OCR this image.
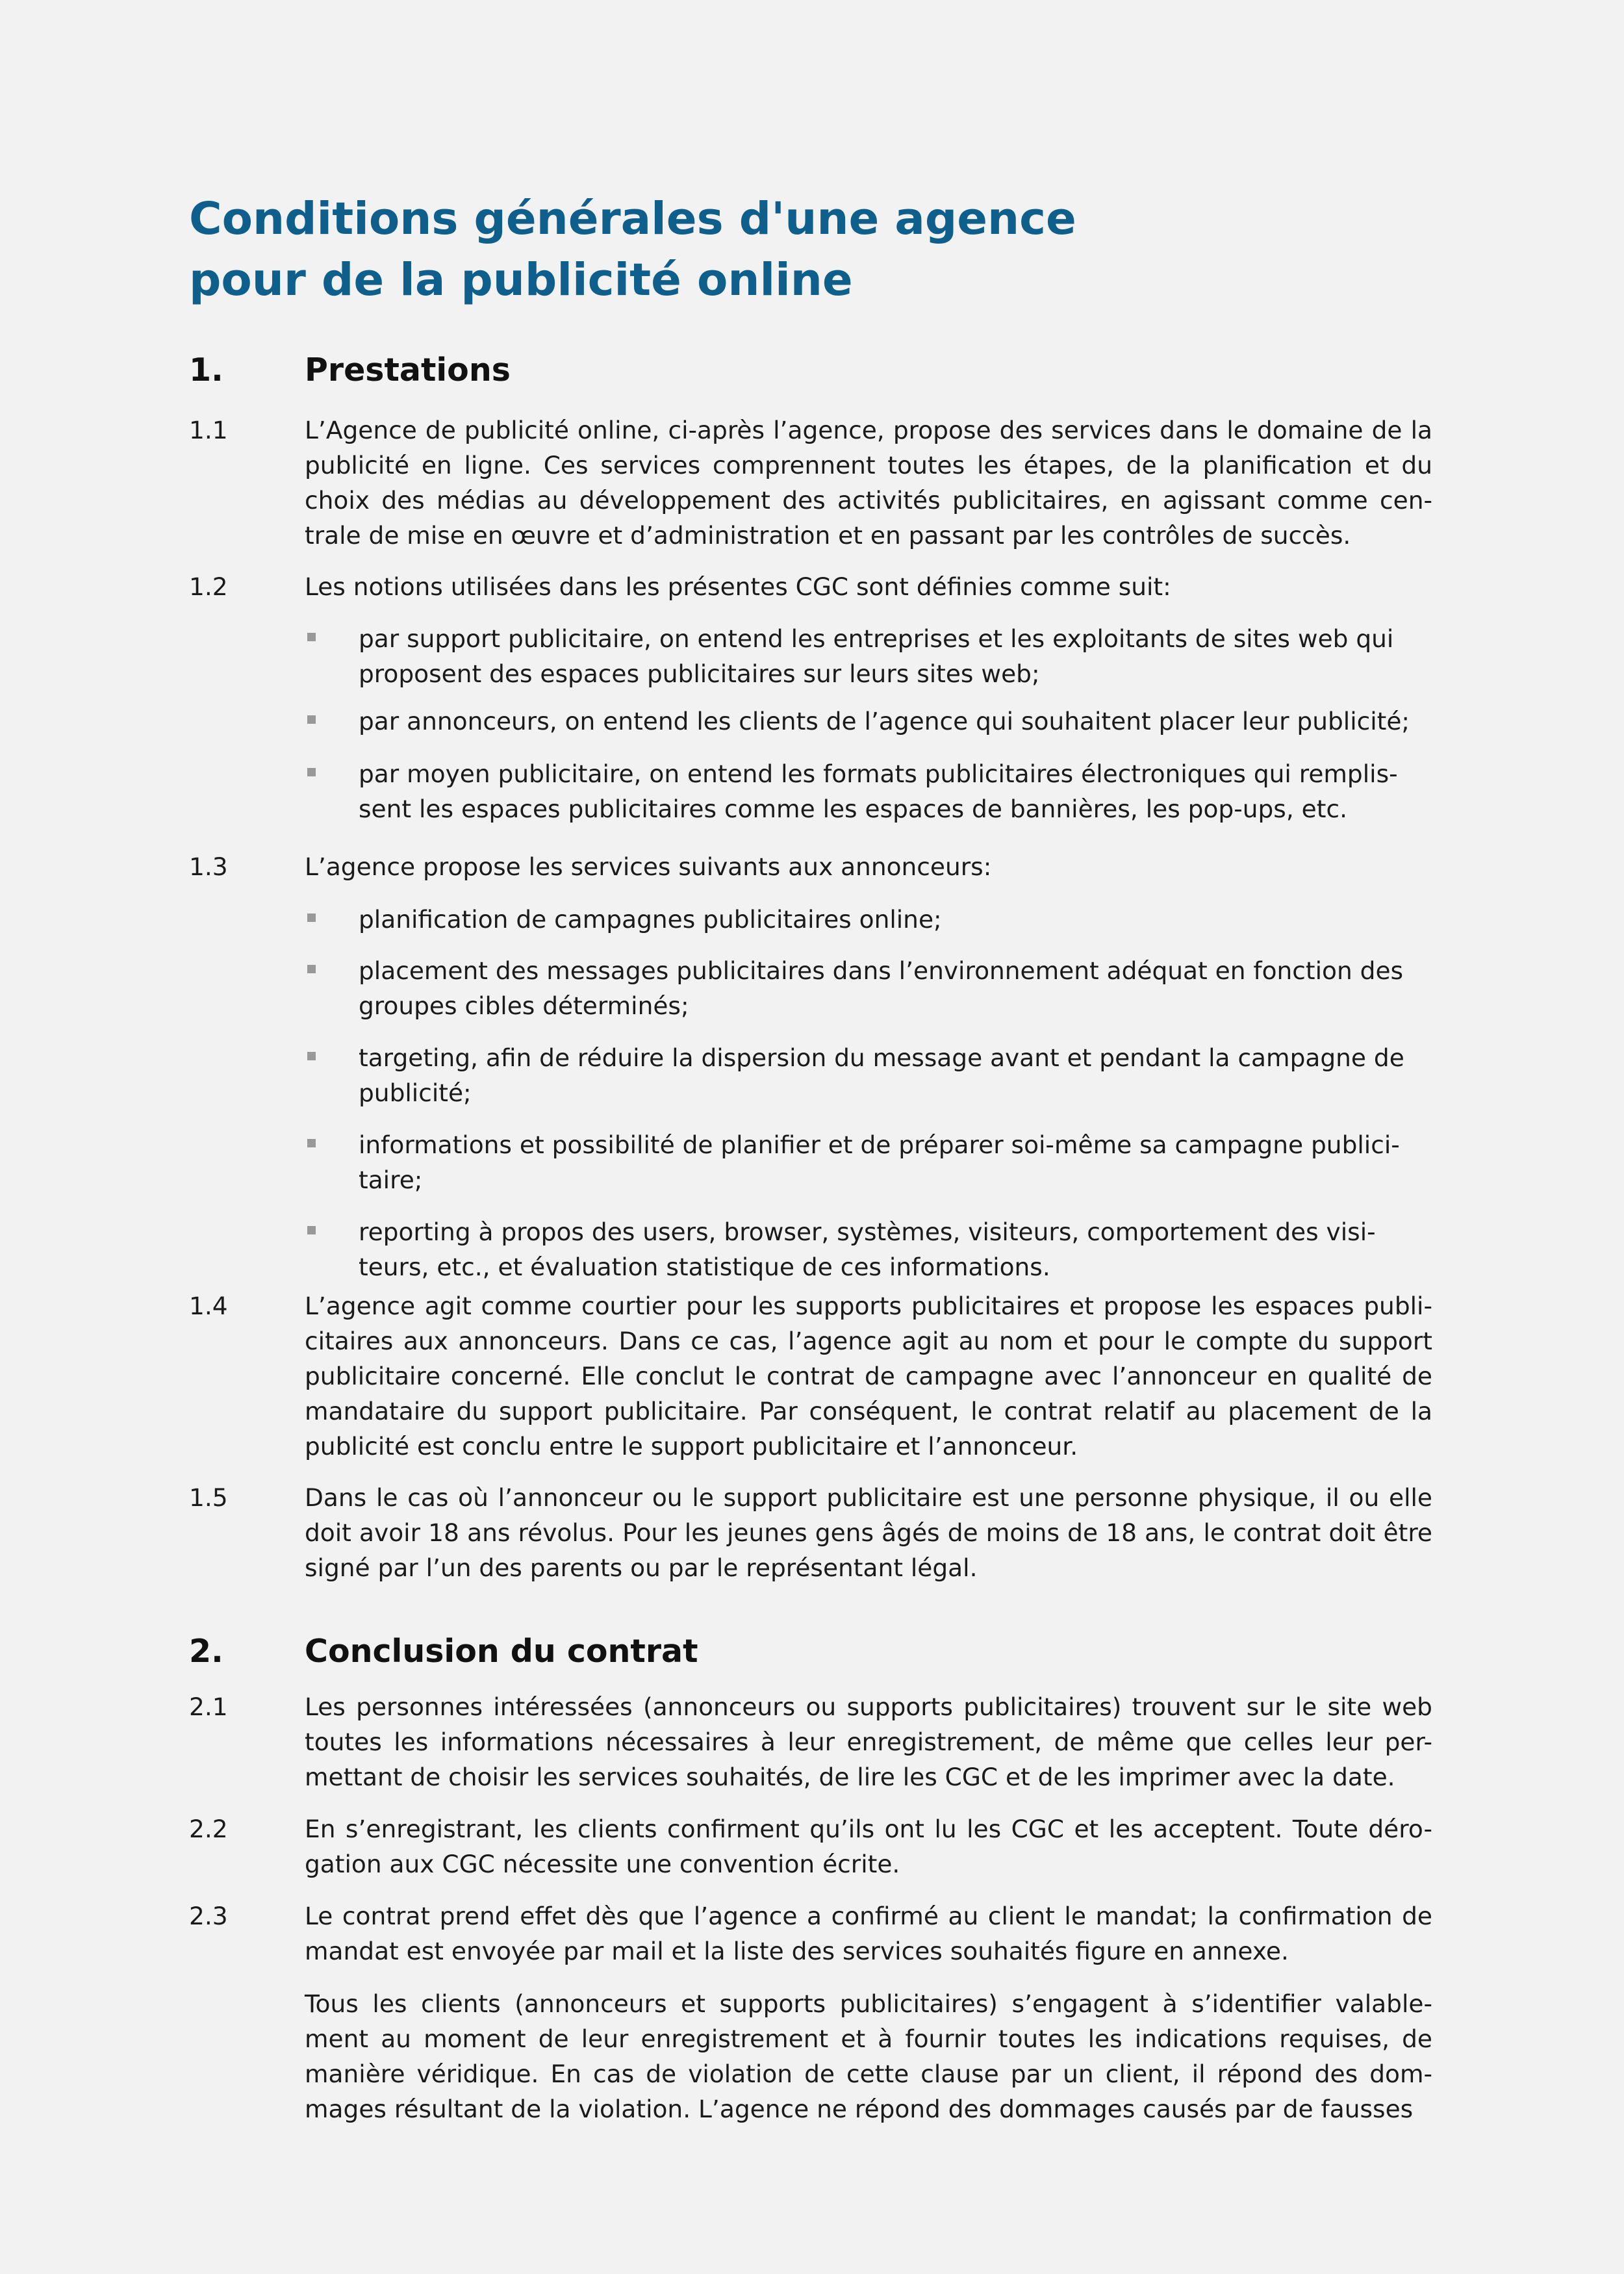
Conditions générales d'une agence
pour de la publicité online
1.	Prestations
1.1	L’Agence de publicité online, ci-après l’agence, propose des services dans le domaine de la publicité en ligne. Ces services comprennent toutes les étapes, de la planification et du choix des médias au développement des activités publicitaires, en agissant comme cen-trale de mise en œuvre et d’administration et en passant par les contrôles de succès.
1.2	Les notions utilisées dans les présentes CGC sont définies comme suit:
par support publicitaire, on entend les entreprises et les exploitants de sites web qui proposent des espaces publicitaires sur leurs sites web;
par annonceurs, on entend les clients de l’agence qui souhaitent placer leur publicité;
par moyen publicitaire, on entend les formats publicitaires électroniques qui remplis-sent les espaces publicitaires comme les espaces de bannières, les pop-ups, etc.
1.3	L’agence propose les services suivants aux annonceurs:
planification de campagnes publicitaires online;
placement des messages publicitaires dans l’environnement adéquat en fonction des groupes cibles déterminés;
targeting, afin de réduire la dispersion du message avant et pendant la campagne de publicité;
informations et possibilité de planifier et de préparer soi-même sa campagne publici-taire;
reporting à propos des users, browser, systèmes, visiteurs, comportement des visi-teurs, etc., et évaluation statistique de ces informations.
1.4	L’agence agit comme courtier pour les supports publicitaires et propose les espaces publi-citaires aux annonceurs. Dans ce cas, l’agence agit au nom et pour le compte du support publicitaire concerné. Elle conclut le contrat de campagne avec l’annonceur en qualité de mandataire du support publicitaire. Par conséquent, le contrat relatif au placement de la publicité est conclu entre le support publicitaire et l’annonceur.
1.5	Dans le cas où l’annonceur ou le support publicitaire est une personne physique, il ou elle doit avoir 18 ans révolus. Pour les jeunes gens âgés de moins de 18 ans, le contrat doit être signé par l’un des parents ou par le représentant légal.
2.	Conclusion du contrat
2.1	Les personnes intéressées (annonceurs ou supports publicitaires) trouvent sur le site web toutes les informations nécessaires à leur enregistrement, de même que celles leur per-mettant de choisir les services souhaités, de lire les CGC et de les imprimer avec la date.
2.2	En s’enregistrant, les clients confirment qu’ils ont lu les CGC et les acceptent. Toute déro-gation aux CGC nécessite une convention écrite.
2.3	Le contrat prend effet dès que l’agence a confirmé au client le mandat; la confirmation de mandat est envoyée par mail et la liste des services souhaités figure en annexe.
Tous les clients (annonceurs et supports publicitaires) s’engagent à s’identifier valable-ment au moment de leur enregistrement et à fournir toutes les indications requises, de manière véridique. En cas de violation de cette clause par un client, il répond des dom-mages résultant de la violation. L’agence ne répond des dommages causés par de fausses
